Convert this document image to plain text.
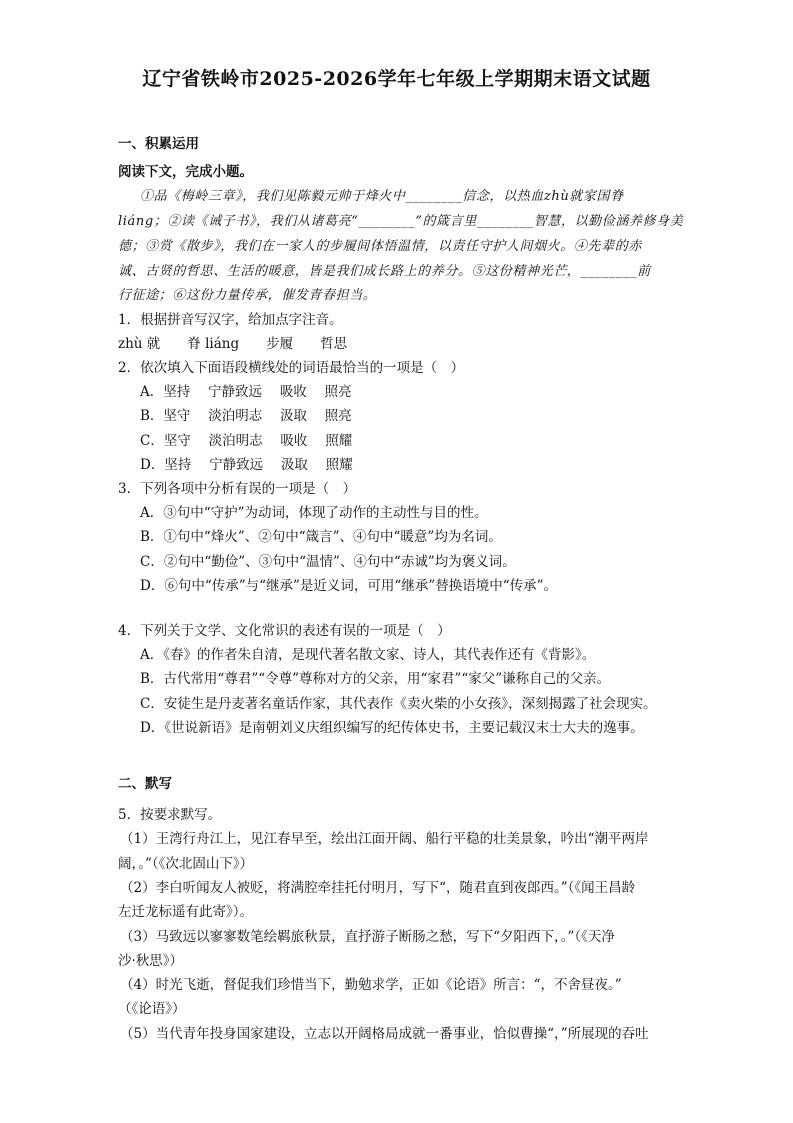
辽宁省铁岭市2025-2026学年七年级上学期期末语文试题
一、积累运用
阅读下文，完成小题。
①品《梅岭三章》，我们见陈毅元帅于烽火中________信念，以热血zhù就家国脊
liáng；②读《诫子书》，我们从诸葛亮“________”的箴言里________智慧，以勤俭涵养修身美
德；③赏《散步》，我们在一家人的步履间体悟温情，以责任守护人间烟火。④先辈的赤
诚、古贤的哲思、生活的暖意，皆是我们成长路上的养分。⑤这份精神光芒，________前
行征途；⑥这份力量传承，催发青春担当。
1．根据拼音写汉字，给加点字注音。
zhù 就　　脊 liáng　　步履　　哲思
2．依次填入下面语段横线处的词语最恰当的一项是（　）
A．坚持　 宁静致远　 吸收　 照亮
B．坚守　 淡泊明志　 汲取　 照亮
C．坚守　 淡泊明志　 吸收　 照耀
D．坚持　 宁静致远　 汲取　 照耀
3．下列各项中分析有误的一项是（　）
A．③句中“守护”为动词，体现了动作的主动性与目的性。
B．①句中“烽火”、②句中“箴言”、④句中“暖意”均为名词。
C．②句中“勤俭”、③句中“温情”、④句中“赤诚”均为褒义词。
D．⑥句中“传承”与“继承”是近义词，可用“继承”替换语境中“传承”。
4．下列关于文学、文化常识的表述有误的一项是（　）
A．《春》的作者朱自清，是现代著名散文家、诗人，其代表作还有《背影》。
B．古代常用“尊君”“令尊”尊称对方的父亲，用“家君”“家父”谦称自己的父亲。
C．安徒生是丹麦著名童话作家，其代表作《卖火柴的小女孩》，深刻揭露了社会现实。
D．《世说新语》是南朝刘义庆组织编写的纪传体史书，主要记载汉末士大夫的逸事。
二、默写
5．按要求默写。
（1）王湾行舟江上，见江春早至，绘出江面开阔、船行平稳的壮美景象，吟出“潮平两岸
阔，。”（《次北固山下》）
（2）李白听闻友人被贬，将满腔牵挂托付明月，写下“，随君直到夜郎西。”（《闻王昌龄
左迁龙标遥有此寄》）。
（3）马致远以寥寥数笔绘羁旅秋景，直抒游子断肠之愁，写下“夕阳西下，。”（《天净
沙·秋思》）
（4）时光飞逝，督促我们珍惜当下，勤勉求学，正如《论语》所言：“，不舍昼夜。”
（《论语》）
（5）当代青年投身国家建设，立志以开阔格局成就一番事业，恰似曹操“，”所展现的吞吐
